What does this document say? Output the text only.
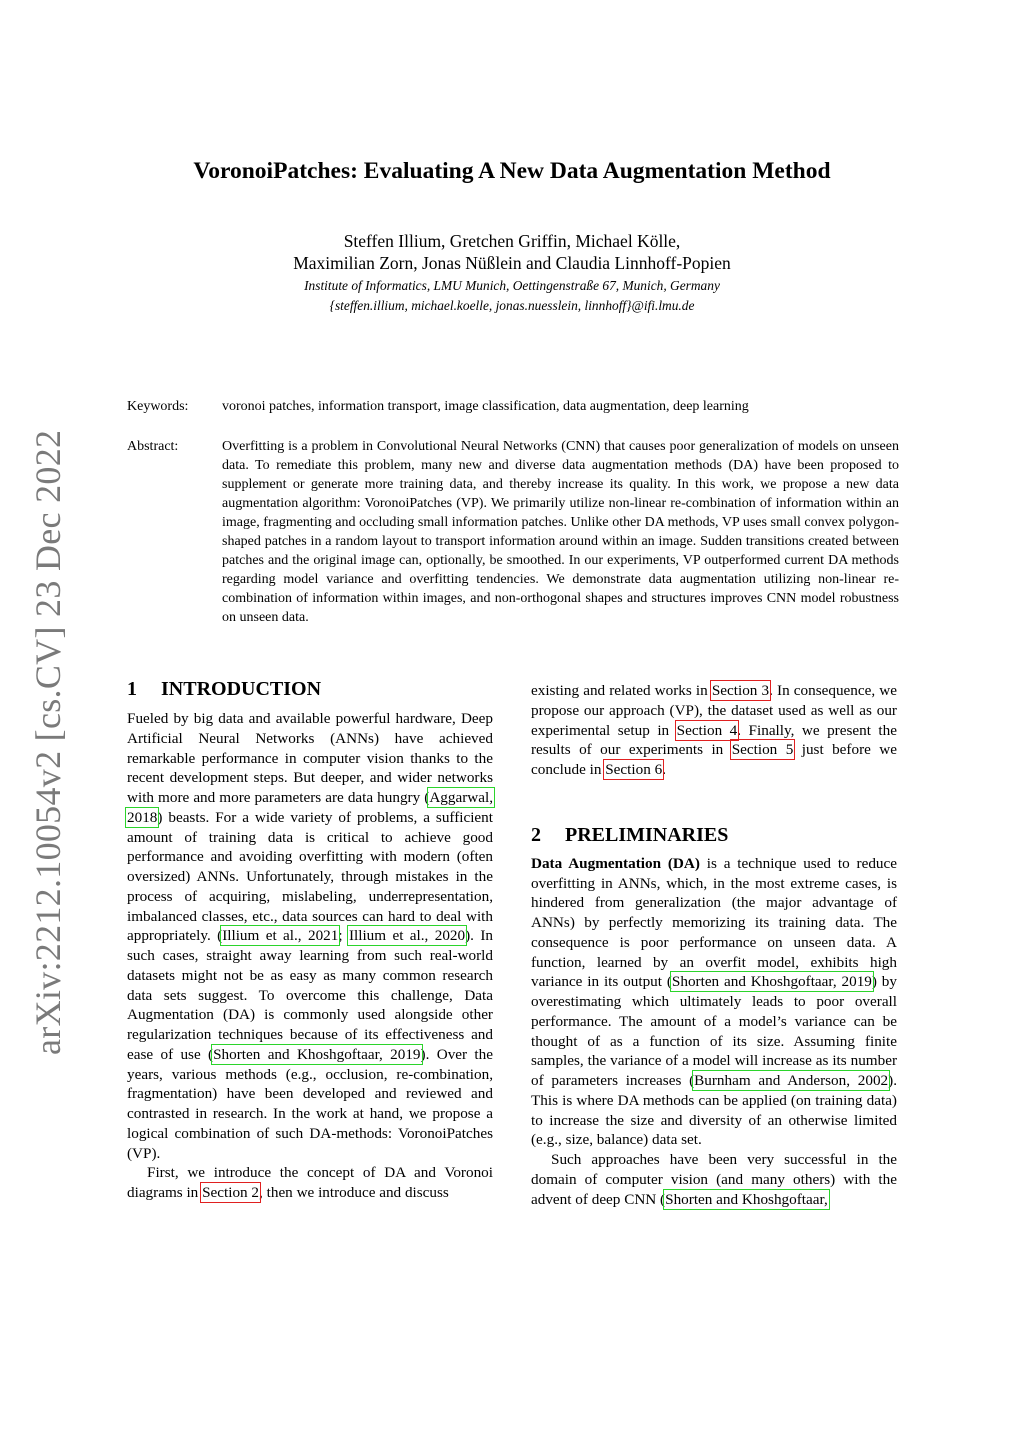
arXiv:2212.10054v2 [cs.CV] 23 Dec 2022
VoronoiPatches: Evaluating A New Data Augmentation Method
Steffen Illium, Gretchen Griffin, Michael Kölle,
Maximilian Zorn, Jonas Nüßlein and Claudia Linnhoff-Popien
Institute of Informatics, LMU Munich, Oettingenstraße 67, Munich, Germany
{steffen.illium, michael.koelle, jonas.nuesslein, linnhoff}@ifi.lmu.de
Keywords: voronoi patches, information transport, image classification, data augmentation, deep learning
Abstract:	Overfitting is a problem in Convolutional Neural Networks (CNN) that causes poor generalization of models on unseen data. To remediate this problem, many new and diverse data augmentation methods (DA) have been proposed to supplement or generate more training data, and thereby increase its quality. In this work, we propose a new data augmentation algorithm: VoronoiPatches (VP). We primarily utilize non-linear re-combination of information within an image, fragmenting and occluding small information patches. Unlike other DA methods, VP uses small convex polygon-shaped patches in a random layout to transport information around within an image. Sudden transitions created between patches and the original image can, optionally, be smoothed. In our experiments, VP outperformed current DA methods regarding model variance and overfitting tendencies. We demonstrate data augmentation utilizing non-linear re-combination of information within images, and non-orthogonal shapes and structures improves CNN model robustness on unseen data.
1 INTRODUCTION

Fueled by big data and available powerful hardware, Deep Artificial Neural Networks (ANNs) have achieved remarkable performance in computer vision thanks to the recent development steps. But deeper, and wider networks with more and more parameters are data hungry (Aggarwal, 2018) beasts. For a wide variety of problems, a sufficient amount of training data is critical to achieve good performance and avoiding overfitting with modern (often oversized) ANNs. Unfortunately, through mistakes in the process of acquiring, mislabeling, underrepresentation, imbalanced classes, etc., data sources can hard to deal with appropriately. (Illium et al., 2021; Illium et al., 2020). In such cases, straight away learning from such real-world datasets might not be as easy as many common research data sets suggest. To overcome this challenge, Data Augmentation (DA) is commonly used alongside other regularization techniques because of its effectiveness and ease of use (Shorten and Khoshgoftaar, 2019). Over the years, various methods (e.g., occlusion, re-combination, fragmentation) have been developed and reviewed and contrasted in research. In the work at hand, we propose a logical combination of such DA-methods: VoronoiPatches (VP).

First, we introduce the concept of DA and Voronoi diagrams in Section 2, then we introduce and discuss

existing and related works in Section 3. In consequence, we propose our approach (VP), the dataset used as well as our experimental setup in Section 4. Finally, we present the results of our experiments in Section 5 just before we conclude in Section 6.

2 PRELIMINARIES

Data Augmentation (DA) is a technique used to reduce overfitting in ANNs, which, in the most extreme cases, is hindered from generalization (the major advantage of ANNs) by perfectly memorizing its training data. The consequence is poor performance on unseen data. A function, learned by an overfit model, exhibits high variance in its output (Shorten and Khoshgoftaar, 2019) by overestimating which ultimately leads to poor overall performance. The amount of a model’s variance can be thought of as a function of its size. Assuming finite samples, the variance of a model will increase as its number of parameters increases (Burnham and Anderson, 2002). This is where DA methods can be applied (on training data) to increase the size and diversity of an otherwise limited (e.g., size, balance) data set.

Such approaches have been very successful in the domain of computer vision (and many others) with the advent of deep CNN (Shorten and Khoshgoftaar,
